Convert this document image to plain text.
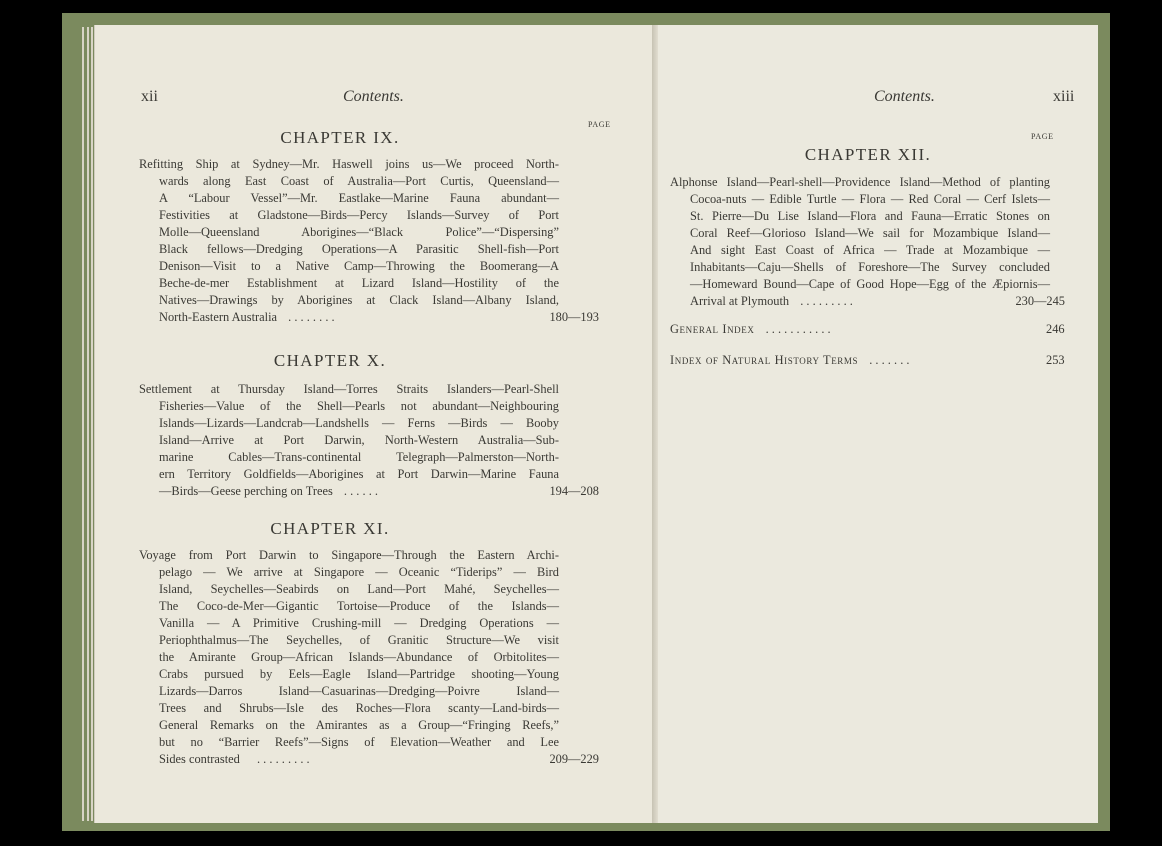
xii	Contents.
PAGE
CHAPTER IX.
Refitting Ship at Sydney—Mr. Haswell joins us—We proceed North-
wards along East Coast of Australia—Port Curtis, Queensland—
A “Labour Vessel”—Mr. Eastlake—Marine Fauna abundant—
Festivities at Gladstone—Birds—Percy Islands—Survey of Port
Molle—Queensland Aborigines—“Black Police”—“Dispersing”
Black fellows—Dredging Operations—A Parasitic Shell-fish—Port
Denison—Visit to a Native Camp—Throwing the Boomerang—A
Beche-de-mer Establishment at Lizard Island—Hostility of the
Natives—Drawings by Aborigines at Clack Island—Albany Island,
North-Eastern Australia . . . . . . . .	180—193
CHAPTER X.
Settlement at Thursday Island—Torres Straits Islanders—Pearl-Shell
Fisheries—Value of the Shell—Pearls not abundant—Neighbouring
Islands—Lizards—Landcrab—Landshells — Ferns —Birds — Booby
Island—Arrive at Port Darwin, North-Western Australia—Sub-
marine Cables—Trans-continental Telegraph—Palmerston—North-
ern Territory Goldfields—Aborigines at Port Darwin—Marine Fauna
—Birds—Geese perching on Trees . . . . . .	194—208
CHAPTER XI.
Voyage from Port Darwin to Singapore—Through the Eastern Archi-
pelago — We arrive at Singapore — Oceanic “Tiderips” — Bird
Island, Seychelles—Seabirds on Land—Port Mahé, Seychelles—
The Coco-de-Mer—Gigantic Tortoise—Produce of the Islands—
Vanilla — A Primitive Crushing-mill — Dredging Operations —
Periophthalmus—The Seychelles, of Granitic Structure—We visit
the Amirante Group—African Islands—Abundance of Orbitolites—
Crabs pursued by Eels—Eagle Island—Partridge shooting—Young
Lizards—Darros Island—Casuarinas—Dredging—Poivre Island—
Trees and Shrubs—Isle des Roches—Flora scanty—Land-birds—
General Remarks on the Amirantes as a Group—“Fringing Reefs,”
but no “Barrier Reefs”—Signs of Elevation—Weather and Lee
Sides contrasted . . . . . . . . .	209—229
Contents.	xiii
PAGE
CHAPTER XII.
Alphonse Island—Pearl-shell—Providence Island—Method of planting
Cocoa-nuts — Edible Turtle — Flora — Red Coral — Cerf Islets—
St. Pierre—Du Lise Island—Flora and Fauna—Erratic Stones on
Coral Reef—Glorioso Island—We sail for Mozambique Island—
And sight East Coast of Africa — Trade at Mozambique —
Inhabitants—Caju—Shells of Foreshore—The Survey concluded
—Homeward Bound—Cape of Good Hope—Egg of the Æpiornis—
Arrival at Plymouth . . . . . . . . .	230—245
General Index . . . . . . . . . . .	246
Index of Natural History Terms . . . . . . .	253
